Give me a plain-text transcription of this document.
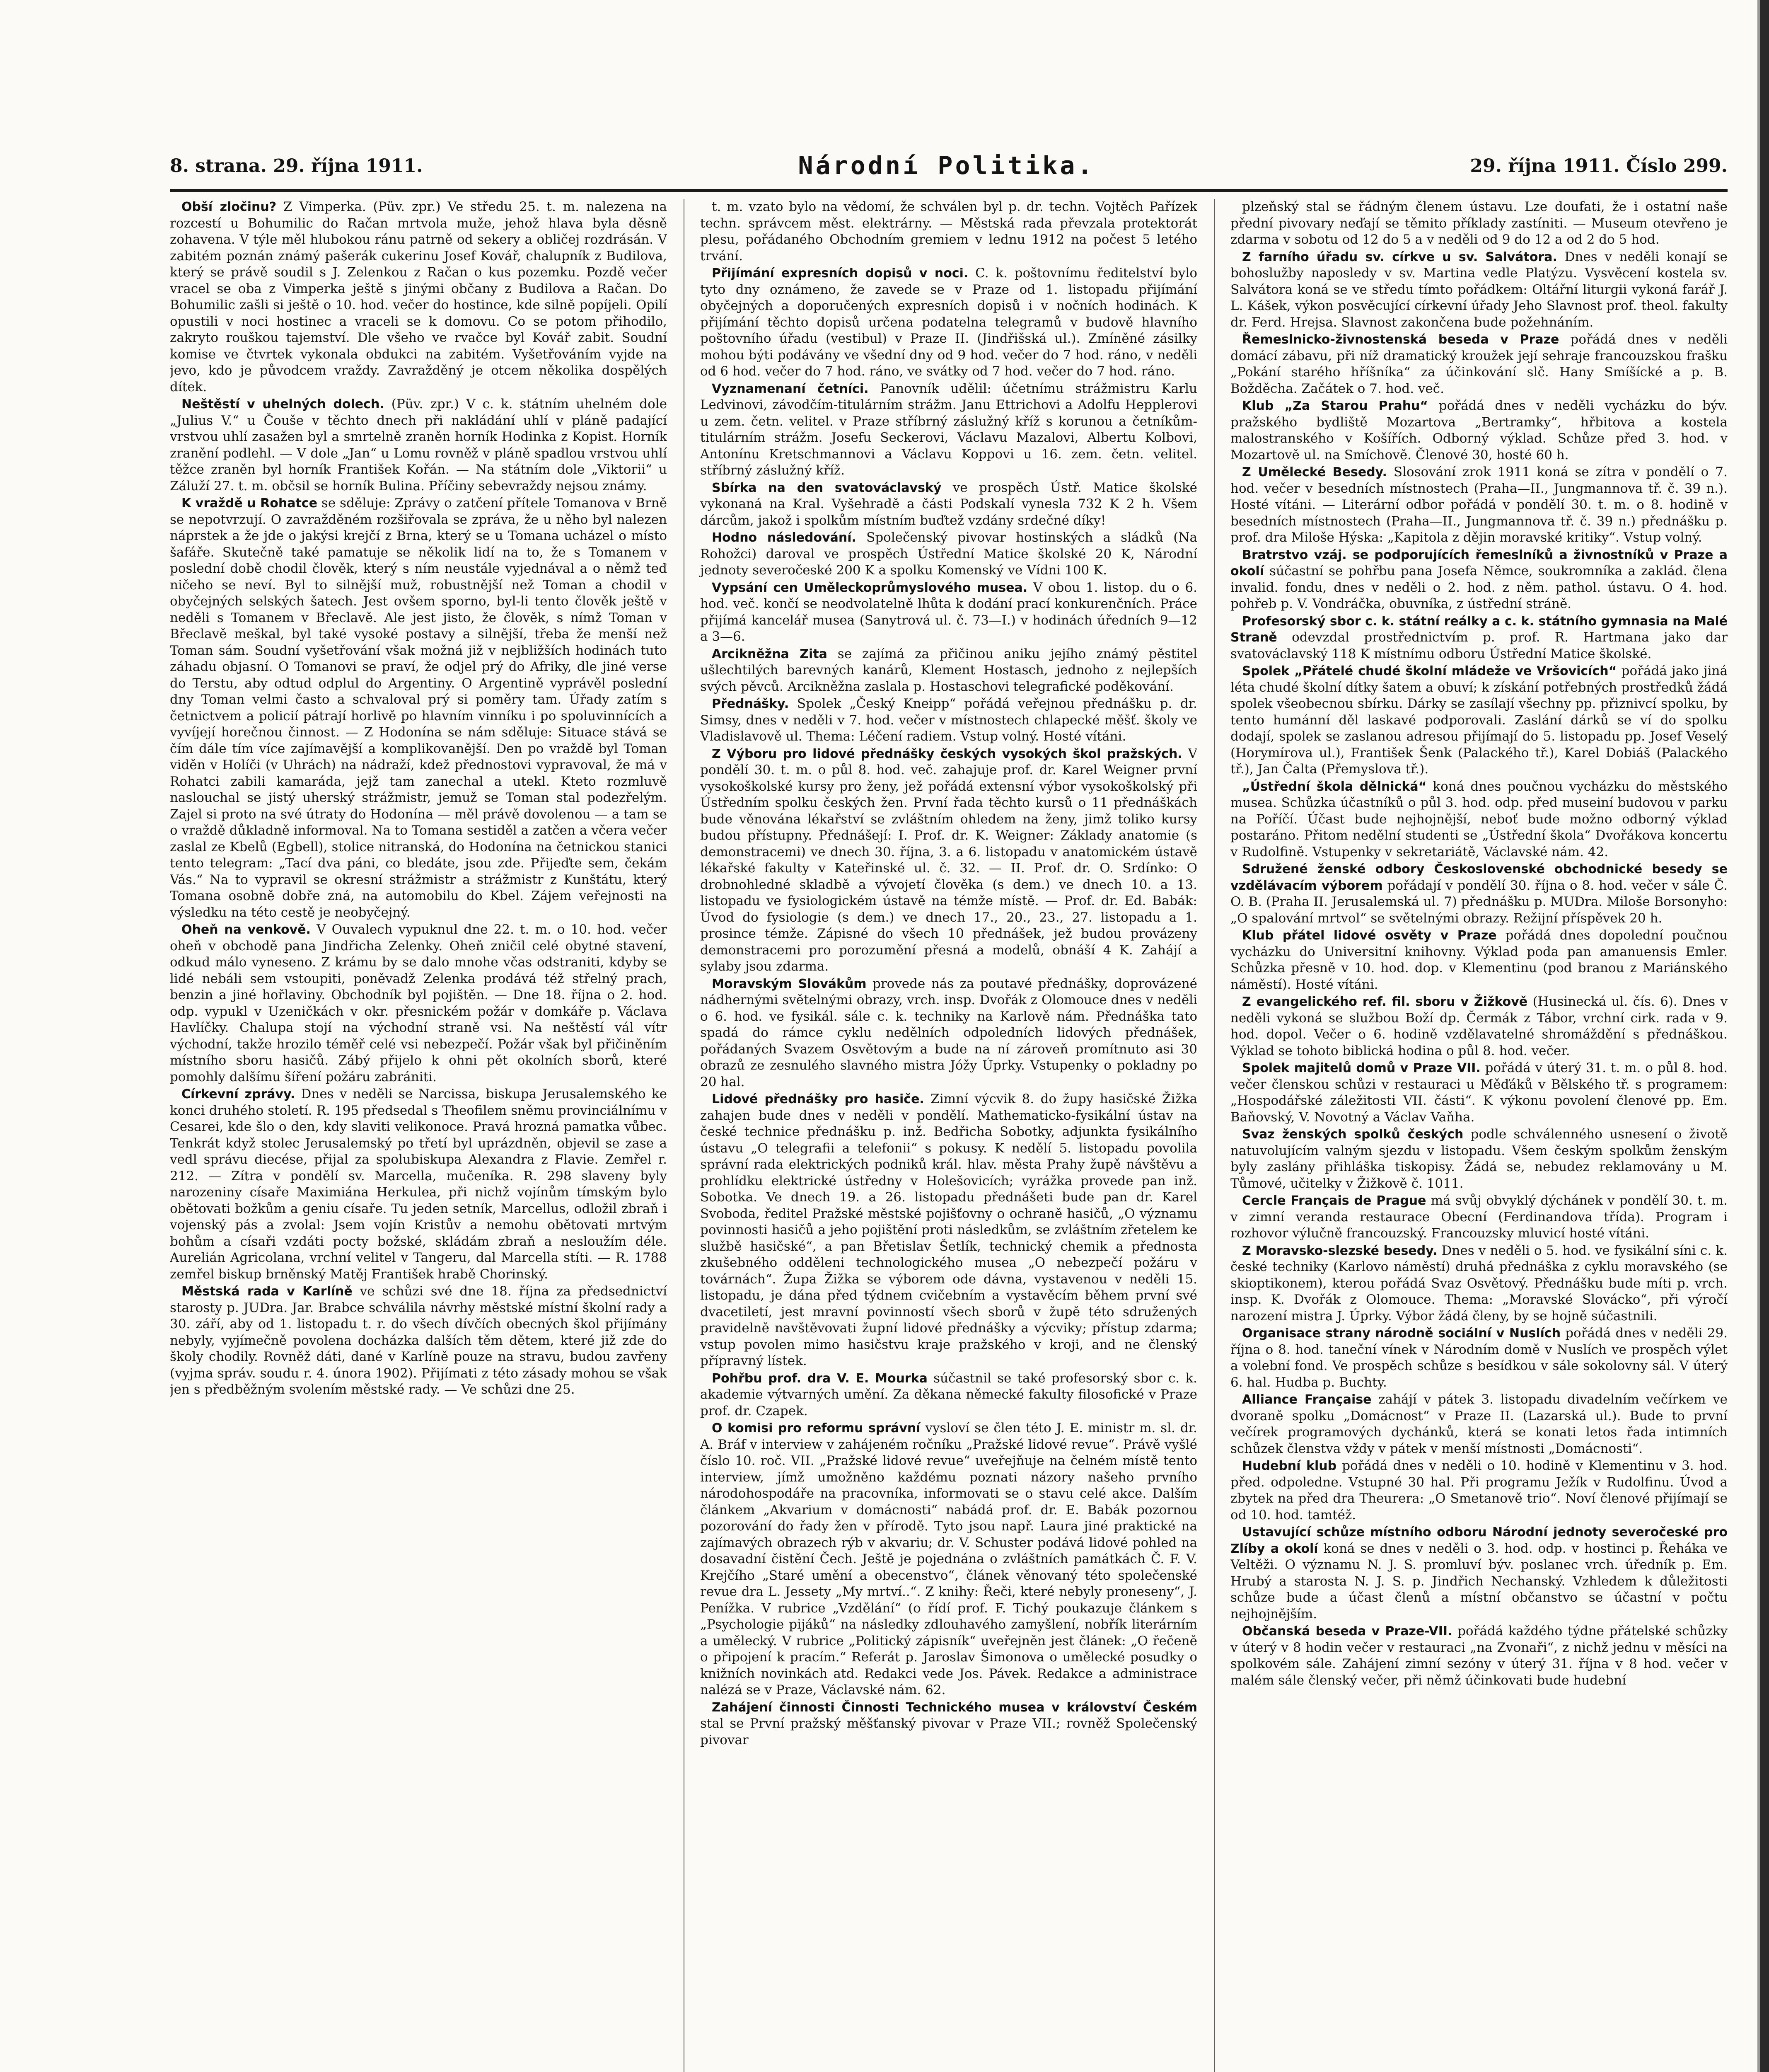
8. strana. 29. října 1911.	Národní Politika.	29. října 1911. Číslo 299.

Obší zločinu? Z Vimperka. (Püv. zpr.) Ve středu 25. t. m. nalezena na rozcestí u Bohumilic do Račan mrtvola muže, jehož hlava byla děsně zohavena. V týle měl hlubokou ránu patrně od sekery a obličej rozdrásán. V zabitém poznán známý pašerák cukerinu Josef Kovář, chalupník z Budilova, který se právě soudil s J. Zelenkou z Račan o kus pozemku. Pozdě večer vracel se oba z Vimperka ještě s jinými občany z Budilova a Račan. Do Bohumilic zašli si ještě o 10. hod. večer do hostince, kde silně popíjeli. Opilí opustili v noci hostinec a vraceli se k domovu. Co se potom přihodilo, zakryto rouškou tajemství. Dle všeho ve rvačce byl Kovář zabit. Soudní komise ve čtvrtek vykonala obdukci na zabitém. Vyšetřováním vyjde na jevo, kdo je původcem vraždy. Zavražděný je otcem několika dospělých dítek.

Neštěstí v uhelných dolech. (Püv. zpr.) V c. k. státním uhelném dole „Julius V.“ u Čouše v těchto dnech při nakládání uhlí v pláně padající vrstvou uhlí zasažen byl a smrtelně zraněn horník Hodinka z Kopist. Horník zranění podlehl. — V dole „Jan“ u Lomu rovněž v pláně spadlou vrstvou uhlí těžce zraněn byl horník František Kořán. — Na státním dole „Viktorii“ u Záluží 27. t. m. občsil se horník Bulina. Příčiny sebevraždy nejsou známy.

K vraždě u Rohatce se sděluje: Zprávy o zatčení přítele Tomanova v Brně se nepotvrzují. O zavražděném rozšiřovala se zpráva, že u něho byl nalezen náprstek a že jde o jakýsi krejčí z Brna, který se u Tomana ucházel o místo šafáře. Skutečně také pamatuje se několik lidí na to, že s Tomanem v poslední době chodil člověk, který s ním neustále vyjednával a o němž teď ničeho se neví. Byl to silnější muž, robustnější než Toman a chodil v obyčejných selských šatech. Jest ovšem sporno, byl-li tento člověk ještě v neděli s Tomanem v Břeclavě. Ale jest jisto, že člověk, s nímž Toman v Břeclavě meškal, byl také vysoké postavy a silnější, třeba že menší než Toman sám. Soudní vyšetřování však možná již v nejbližších hodinách tuto záhadu objasní. O Tomanovi se praví, že odjel prý do Afriky, dle jiné verse do Terstu, aby odtud odplul do Argentiny. O Argentině vyprávěl poslední dny Toman velmi často a schvaloval prý si poměry tam. Úřady zatím s četnictvem a policií pátrají horlivě po hlavním vinníku i po spoluvinnících a vyvíjejí horečnou činnost. — Z Hodonína se nám sděluje: Situace stává se čím dále tím více zajímavější a komplikovanější. Den po vraždě byl Toman viděn v Holíči (v Uhrách) na nádraží, kdež přednostovi vypravoval, že má v Rohatci zabili kamaráda, jejž tam zanechal a utekl. Kteto rozmluvě naslouchal se jistý uherský strážmistr, jemuž se Toman stal podezřelým. Zajel si proto na své útraty do Hodonína — měl právě dovolenou — a tam se o vraždě důkladně informoval. Na to Tomana sestiděl a zatčen a včera večer zaslal ze Kbelů (Egbell), stolice nitranská, do Hodonína na četnickou stanici tento telegram: „Tací dva páni, co bledáte, jsou zde. Přijeďte sem, čekám Vás.“ Na to vypravil se okresní strážmistr a strážmistr z Kunštátu, který Tomana osobně dobře zná, na automobilu do Kbel. Zájem veřejnosti na výsledku na této cestě je neobyčejný.

Oheň na venkově. V Ouvalech vypuknul dne 22. t. m. o 10. hod. večer oheň v obchodě pana Jindřicha Zelenky. Oheň zničil celé obytné stavení, odkud málo vyneseno. Z krámu by se dalo mnohe včas odstraniti, kdyby se lidé nebáli sem vstoupiti, poněvadž Zelenka prodává též střelný prach, benzin a jiné hořlaviny. Obchodník byl pojištěn. — Dne 18. října o 2. hod. odp. vypukl v Uzeničkách v okr. přesnickém požár v domkáře p. Václava Havlíčky. Chalupa stojí na východní straně vsi. Na neštěstí vál vítr východní, takže hrozilo téměř celé vsi nebezpečí. Požár však byl přičiněním místního sboru hasičů. Zábý přijelo k ohni pět okolních sborů, které pomohly dalšímu šíření požáru zabrániti.

Církevní zprávy. Dnes v neděli se Narcissa, biskupa Jerusalemského ke konci druhého století. R. 195 předsedal s Theofilem sněmu provinciálnímu v Cesarei, kde šlo o den, kdy slaviti velikonoce. Pravá hrozná pamatka vůbec. Tenkrát když stolec Jerusalemský po třetí byl uprázdněn, objevil se zase a vedl správu diecése, přijal za spolubiskupa Alexandra z Flavie. Zemřel r. 212. — Zítra v pondělí sv. Marcella, mučeníka. R. 298 slaveny byly narozeniny císaře Maximiána Herkulea, při nichž vojínům tímským bylo obětovati božkům a geniu císaře. Tu jeden setník, Marcellus, odložil zbraň i vojenský pás a zvolal: Jsem vojín Kristův a nemohu obětovati mrtvým bohům a císaři vzdáti pocty božské, skládám zbraň a nesloužím déle. Aurelián Agricolana, vrchní velitel v Tangeru, dal Marcella stíti. — R. 1788 zemřel biskup brněnský Matěj František hrabě Chorinský.

Městská rada v Karlíně ve schůzi své dne 18. října za předsednictví starosty p. JUDra. Jar. Brabce schválila návrhy městské místní školní rady a 30. září, aby od 1. listopadu t. r. do všech dívčích obecných škol přijímány nebyly, vyjímečně povolena docházka dalších těm dětem, které již zde do školy chodily. Rovněž dáti, dané v Karlíně pouze na stravu, budou zavřeny (vyjma správ. soudu r. 4. února 1902). Přijímati z této zásady mohou se však jen s předběžným svolením městské rady. — Ve schůzi dne 25.

t. m. vzato bylo na vědomí, že schválen byl p. dr. techn. Vojtěch Pařízek techn. správcem měst. elektrárny. — Městská rada převzala protektorát plesu, pořádaného Obchodním gremiem v lednu 1912 na počest 5 letého trvání.

Přijímání expresních dopisů v noci. C. k. poštovnímu ředitelství bylo tyto dny oznámeno, že zavede se v Praze od 1. listopadu přijímání obyčejných a doporučených expresních dopisů i v nočních hodinách. K přijímání těchto dopisů určena podatelna telegramů v budově hlavního poštovního úřadu (vestibul) v Praze II. (Jindřišská ul.). Zmíněné zásilky mohou býti podávány ve všední dny od 9 hod. večer do 7 hod. ráno, v neděli od 6 hod. večer do 7 hod. ráno, ve svátky od 7 hod. večer do 7 hod. ráno.

Vyznamenaní četníci. Panovník udělil: účetnímu strážmistru Karlu Ledvinovi, závodčím-titulárním strážm. Janu Ettrichovi a Adolfu Hepplerovi u zem. četn. velitel. v Praze stříbrný záslužný kříž s korunou a četníkům-titulárním strážm. Josefu Seckerovi, Václavu Mazalovi, Albertu Kolbovi, Antonínu Kretschmannovi a Václavu Koppovi u 16. zem. četn. velitel. stříbrný záslužný kříž.

Sbírka na den svatováclavský ve prospěch Ústř. Matice školské vykonaná na Kral. Vyšehradě a části Podskalí vynesla 732 K 2 h. Všem dárcům, jakož i spolkům místním buďtež vzdány srdečné díky!

Hodno následování. Společenský pivovar hostinských a sládků (Na Rohožci) daroval ve prospěch Ústřední Matice školské 20 K, Národní jednoty severočeské 200 K a spolku Komenský ve Vídni 100 K.

Vypsání cen Uměleckoprůmyslového musea. V obou 1. listop. du o 6. hod. več. končí se neodvolatelně lhůta k dodání prací konkurenčních. Práce přijímá kancelář musea (Sanytrová ul. č. 73—I.) v hodinách úředních 9—12 a 3—6.

Arcikněžna Zita se zajímá za přičinou aniku jejího známý pěstitel ušlechtilých barevných kanárů, Klement Hostasch, jednoho z nejlepších svých pěvců. Arcikněžna zaslala p. Hostaschovi telegrafické poděkování.

Přednášky. Spolek „Český Kneipp“ pořádá veřejnou přednášku p. dr. Simsy, dnes v neděli v 7. hod. večer v místnostech chlapecké měšť. školy ve Vladislavově ul. Thema: Léčení radiem. Vstup volný. Hosté vítáni.

Z Výboru pro lidové přednášky českých vysokých škol pražských. V pondělí 30. t. m. o půl 8. hod. več. zahajuje prof. dr. Karel Weigner první vysokoškolské kursy pro ženy, jež pořádá extensní výbor vysokoškolský při Ústředním spolku českých žen. První řada těchto kursů o 11 přednáškách bude věnována lékařství se zvláštním ohledem na ženy, jimž toliko kursy budou přístupny. Přednášejí: I. Prof. dr. K. Weigner: Základy anatomie (s demonstracemi) ve dnech 30. října, 3. a 6. listopadu v anatomickém ústavě lékařské fakulty v Kateřinské ul. č. 32. — II. Prof. dr. O. Srdínko: O drobnohledné skladbě a vývojetí člověka (s dem.) ve dnech 10. a 13. listopadu ve fysiologickém ústavě na témže místě. — Prof. dr. Ed. Babák: Úvod do fysiologie (s dem.) ve dnech 17., 20., 23., 27. listopadu a 1. prosince témže. Zápisné do všech 10 přednášek, jež budou provázeny demonstracemi pro porozumění přesná a modelů, obnáší 4 K. Zahájí a sylaby jsou zdarma.

Moravským Slovákům provede nás za poutavé přednášky, doprovázené nádhernými světelnými obrazy, vrch. insp. Dvořák z Olomouce dnes v neděli o 6. hod. ve fysikál. sále c. k. techniky na Karlově nám. Přednáška tato spadá do rámce cyklu nedělních odpoledních lidových přednášek, pořádaných Svazem Osvětovým a bude na ní zároveň promítnuto asi 30 obrazů ze zesnulého slavného mistra Jóžy Úprky. Vstupenky o pokladny po 20 hal.

Lidové přednášky pro hasiče. Zimní výcvik 8. do župy hasičské Žižka zahajen bude dnes v neděli v pondělí. Mathematicko-fysikální ústav na české technice přednášku p. inž. Bedřicha Sobotky, adjunkta fysikálního ústavu „O telegrafii a telefonii“ s pokusy. K nedělí 5. listopadu povolila správní rada elektrických podniků král. hlav. města Prahy župě návštěvu a prohlídku elektrické ústředny v Holešovicích; vyrážka provede pan inž. Sobotka. Ve dnech 19. a 26. listopadu přednášeti bude pan dr. Karel Svoboda, ředitel Pražské městské pojišťovny o ochraně hasičů, „O významu povinnosti hasičů a jeho pojištění proti následkům, se zvláštním zřetelem ke službě hasičské“, a pan Břetislav Šetlík, technický chemik a přednosta zkušebného odděleni technologického musea „O nebezpečí požáru v továrnách“. Župa Žižka se výborem ode dávna, vystavenou v neděli 15. listopadu, je dána před týdnem cvičebním a vystavěcím během první své dvacetiletí, jest mravní povinností všech sborů v župě této sdružených pravidelně navštěvovati župní lidové přednášky a výcviky; přístup zdarma; vstup povolen mimo hasičstvu kraje pražského v kroji, and ne členský přípravný lístek.

Pohřbu prof. dra V. E. Mourka súčastnil se také profesorský sbor c. k. akademie výtvarných umění. Za děkana německé fakulty filosofické v Praze prof. dr. Czapek.

O komisi pro reformu správní vysloví se člen této J. E. ministr m. sl. dr. A. Bráf v interview v zahájeném ročníku „Pražské lidové revue“. Právě vyšlé číslo 10. roč. VII. „Pražské lidové revue“ uveřejňuje na čelném místě tento interview, jímž umožněno každému poznati názory našeho prvního národohospodáře na pracovníka, informovati se o stavu celé akce. Dalším článkem „Akvarium v domácnosti“ nabádá prof. dr. E. Babák pozornou pozorování do řady žen v přírodě. Tyto jsou např. Laura jiné praktické na zajímavých obrazech rýb v akvariu; dr. V. Schuster podává lidové pohled na dosavadní čistění Čech. Ještě je pojednána o zvláštních památkách Č. F. V. Krejčího „Staré umění a obecenstvo“, článek věnovaný této společenské revue dra L. Jessety „My mrtví..“. Z knihy: Řeči, které nebyly proneseny“, J. Penížka. V rubrice „Vzdělání“ (o řídí prof. F. Tichý poukazuje článkem s „Psychologie pijáků“ na následky zdlouhavého zamyšlení, nobřík literárním a umělecký. V rubrice „Politický zápisník“ uveřejněn jest článek: „O řečeně o připojení k pracím.“ Referát p. Jaroslav Šimonova o umělecké posudky o knižních novinkách atd. Redakci vede Jos. Pávek. Redakce a administrace nalézá se v Praze, Václavské nám. 62.

Zahájení činnosti Činnosti Technického musea v království Českém stal se První pražský měšťanský pivovar v Praze VII.; rovněž Společenský pivovar

plzeňský stal se řádným členem ústavu. Lze doufati, že i ostatní naše přední pivovary neďají se těmito příklady zastíniti. — Museum otevřeno je zdarma v sobotu od 12 do 5 a v neděli od 9 do 12 a od 2 do 5 hod.

Z farního úřadu sv. církve u sv. Salvátora. Dnes v neděli konají se bohoslužby naposledy v sv. Martina vedle Platýzu. Vysvěcení kostela sv. Salvátora koná se ve středu tímto pořádkem: Oltářní liturgii vykoná farář J. L. Kášek, výkon posvěcující církevní úřady Jeho Slavnost prof. theol. fakulty dr. Ferd. Hrejsa. Slavnost zakončena bude požehnáním.

Řemeslnicko-živnostenská beseda v Praze pořádá dnes v neděli domácí zábavu, při níž dramatický kroužek její sehraje francouzskou frašku „Pokání starého hříšníka“ za účinkování slč. Hany Smíšícké a p. B. Božděcha. Začátek o 7. hod. več.

Klub „Za Starou Prahu“ pořádá dnes v neděli vycházku do býv. pražského bydliště Mozartova „Bertramky“, hřbitova a kostela malostranského v Košířích. Odborný výklad. Schůze před 3. hod. v Mozartově ul. na Smíchově. Členové 30, hosté 60 h.

Z Umělecké Besedy. Slosování zrok 1911 koná se zítra v pondělí o 7. hod. večer v besedních místnostech (Praha—II., Jungmannova tř. č. 39 n.). Hosté vítáni. — Literární odbor pořádá v pondělí 30. t. m. o 8. hodině v besedních místnostech (Praha—II., Jungmannova tř. č. 39 n.) přednášku p. prof. dra Miloše Hýska: „Kapitola z dějin moravské kritiky“. Vstup volný.

Bratrstvo vzáj. se podporujících řemeslníků a živnostníků v Praze a okolí súčastní se pohřbu pana Josefa Němce, soukromníka a zaklád. člena invalid. fondu, dnes v neděli o 2. hod. z něm. pathol. ústavu. O 4. hod. pohřeb p. V. Vondráčka, obuvníka, z ústřední stráně.

Profesorský sbor c. k. státní reálky a c. k. státního gymnasia na Malé Straně odevzdal prostřednictvím p. prof. R. Hartmana jako dar svatováclavský 118 K místnímu odboru Ústřední Matice školské.

Spolek „Přátelé chudé školní mládeže ve Vršovicích“ pořádá jako jiná léta chudé školní dítky šatem a obuví; k získání potřebných prostředků žádá spolek všeobecnou sbírku. Dárky se zasílají všechny pp. přiznivcí spolku, by tento humánní děl laskavé podporovali. Zaslání dárků se ví do spolku dodají, spolek se zaslanou adresou přijímají do 5. listopadu pp. Josef Veselý (Horymírova ul.), František Šenk (Palackého tř.), Karel Dobiáš (Palackého tř.), Jan Čalta (Přemyslova tř.).

„Ústřední škola dělnická“ koná dnes poučnou vycházku do městského musea. Schůzka účastníků o půl 3. hod. odp. před museiní budovou v parku na Poříčí. Účast bude nejhojnější, neboť bude možno odborný výklad postaráno. Přitom nedělní studenti se „Ústřední škola“ Dvořákova koncertu v Rudolfině. Vstupenky v sekretariátě, Václavské nám. 42.

Sdružené ženské odbory Československé obchodnické besedy se vzdělávacím výborem pořádají v pondělí 30. října o 8. hod. večer v sále Č. O. B. (Praha II. Jerusalemská ul. 7) přednášku p. MUDra. Miloše Borsonyho: „O spalování mrtvol“ se světelnými obrazy. Režijní příspěvek 20 h.

Klub přátel lidové osvěty v Praze pořádá dnes dopolední poučnou vycházku do Universitní knihovny. Výklad poda pan amanuensis Emler. Schůzka přesně v 10. hod. dop. v Klementinu (pod branou z Mariánského náměstí). Hosté vítáni.

Z evangelického ref. fil. sboru v Žižkově (Husinecká ul. čís. 6). Dnes v neděli vykoná se službou Boží dp. Čermák z Tábor, vrchní cirk. rada v 9. hod. dopol. Večer o 6. hodině vzdělavatelné shromáždění s přednáškou. Výklad se tohoto biblická hodina o půl 8. hod. večer.

Spolek majitelů domů v Praze VII. pořádá v úterý 31. t. m. o půl 8. hod. večer členskou schůzi v restauraci u Měďáků v Bělského tř. s programem: „Hospodářské záležitosti VII. části“. K výkonu povolení členové pp. Em. Baňovský, V. Novotný a Václav Vaňha.

Svaz ženských spolků českých podle schválenného usnesení o životě natuvolujícím valným sjezdu v listopadu. Všem českým spolkům ženským byly zaslány přihláška tiskopisy. Žádá se, nebudez reklamovány u M. Tůmové, učitelky v Žižkově č. 1011.

Cercle Français de Prague má svůj obvyklý dýchánek v pondělí 30. t. m. v zimní veranda restaurace Obecní (Ferdinandova třída). Program i rozhovor výlučně francouzský. Francouzsky mluvicí hosté vítáni.

Z Moravsko-slezské besedy. Dnes v neděli o 5. hod. ve fysikální síni c. k. české techniky (Karlovo náměstí) druhá přednáška z cyklu moravského (se skioptikonem), kterou pořádá Svaz Osvětový. Přednášku bude míti p. vrch. insp. K. Dvořák z Olomouce. Thema: „Moravské Slovácko“, při výročí narození mistra J. Úprky. Výbor žádá členy, by se hojně súčastnili.

Organisace strany národně sociální v Nuslích pořádá dnes v neděli 29. října o 8. hod. taneční vínek v Národním domě v Nuslích ve prospěch výlet a volební fond. Ve prospěch schůze s besídkou v sále sokolovny sál. V úterý 6. hal. Hudba p. Buchty.

Alliance Française zahájí v pátek 3. listopadu divadelním večírkem ve dvoraně spolku „Domácnost“ v Praze II. (Lazarská ul.). Bude to první večírek programových dychánků, která se konati letos řada intimních schůzek členstva vždy v pátek v menší místnosti „Domácnosti“.

Hudební klub pořádá dnes v neděli o 10. hodině v Klementinu v 3. hod. před. odpoledne. Vstupné 30 hal. Při programu Ježík v Rudolfinu. Úvod a zbytek na před dra Theurera: „O Smetanově trio“. Noví členové přijímají se od 10. hod. tamtéž.

Ustavující schůze místního odboru Národní jednoty severočeské pro Zlíby a okolí koná se dnes v neděli o 3. hod. odp. v hostinci p. Řeháka ve Veltěži. O významu N. J. S. promluví býv. poslanec vrch. úředník p. Em. Hrubý a starosta N. J. S. p. Jindřich Nechanský. Vzhledem k důležitosti schůze bude a účast členů a místní občanstvo se účastní v počtu nejhojnějším.

Občanská beseda v Praze-VII. pořádá každého týdne přátelské schůzky v úterý v 8 hodin večer v restauraci „na Zvonaři“, z nichž jednu v měsíci na spolkovém sále. Zahájení zimní sezóny v úterý 31. října v 8 hod. večer v malém sále členský večer, při němž účinkovati bude hudební
